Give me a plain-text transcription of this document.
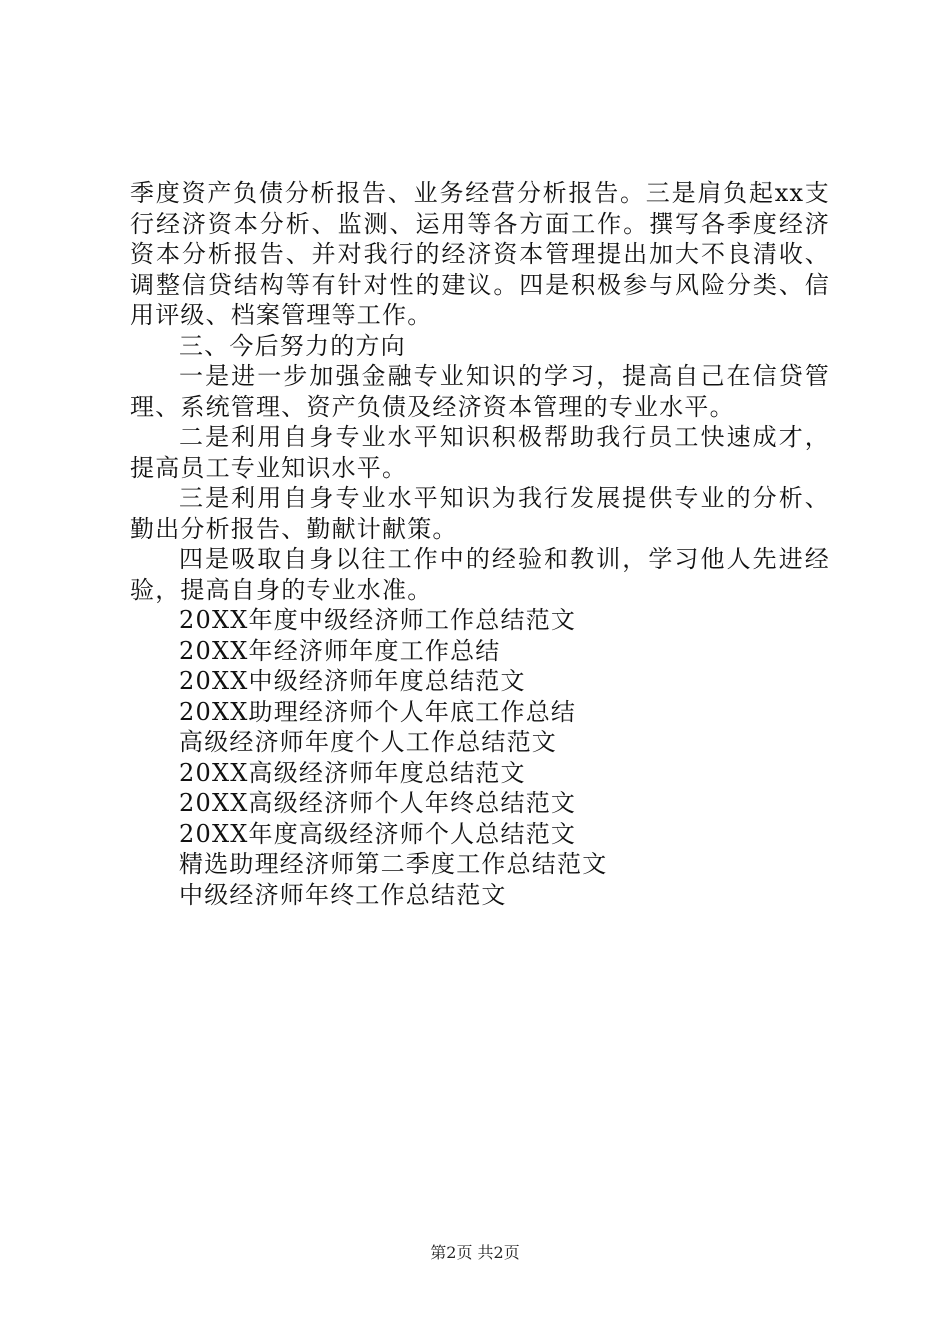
季度资产负债分析报告、业务经营分析报告。三是肩负起xx支行经济资本分析、监测、运用等各方面工作。撰写各季度经济资本分析报告、并对我行的经济资本管理提出加大不良清收、调整信贷结构等有针对性的建议。四是积极参与风险分类、信用评级、档案管理等工作。

三、今后努力的方向

一是进一步加强金融专业知识的学习，提高自己在信贷管理、系统管理、资产负债及经济资本管理的专业水平。

二是利用自身专业水平知识积极帮助我行员工快速成才，提高员工专业知识水平。

三是利用自身专业水平知识为我行发展提供专业的分析、勤出分析报告、勤献计献策。

四是吸取自身以往工作中的经验和教训，学习他人先进经验，提高自身的专业水准。

20XX年度中级经济师工作总结范文

20XX年经济师年度工作总结

20XX中级经济师年度总结范文

20XX助理经济师个人年底工作总结

高级经济师年度个人工作总结范文

20XX高级经济师年度总结范文

20XX高级经济师个人年终总结范文

20XX年度高级经济师个人总结范文

精选助理经济师第二季度工作总结范文

中级经济师年终工作总结范文

第2页 共2页
